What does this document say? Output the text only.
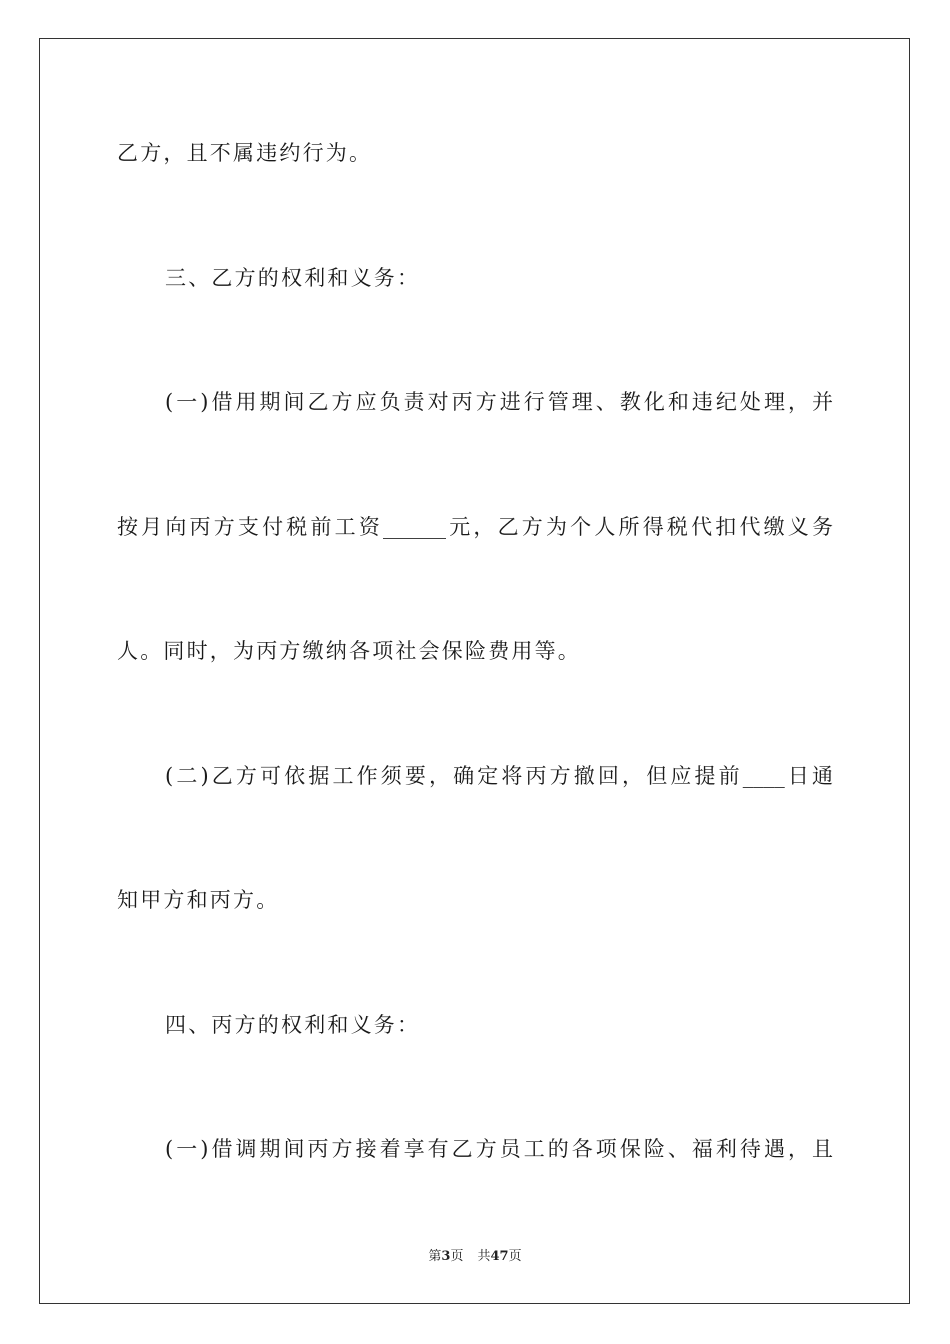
乙方，且不属违约行为。
三、乙方的权利和义务：
(一)借用期间乙方应负责对丙方进行管理、教化和违纪处理，并
按月向丙方支付税前工资______元，乙方为个人所得税代扣代缴义务
人。同时，为丙方缴纳各项社会保险费用等。
(二)乙方可依据工作须要，确定将丙方撤回，但应提前____日通
知甲方和丙方。
四、丙方的权利和义务：
(一)借调期间丙方接着享有乙方员工的各项保险、福利待遇，且
第3页 共47页
